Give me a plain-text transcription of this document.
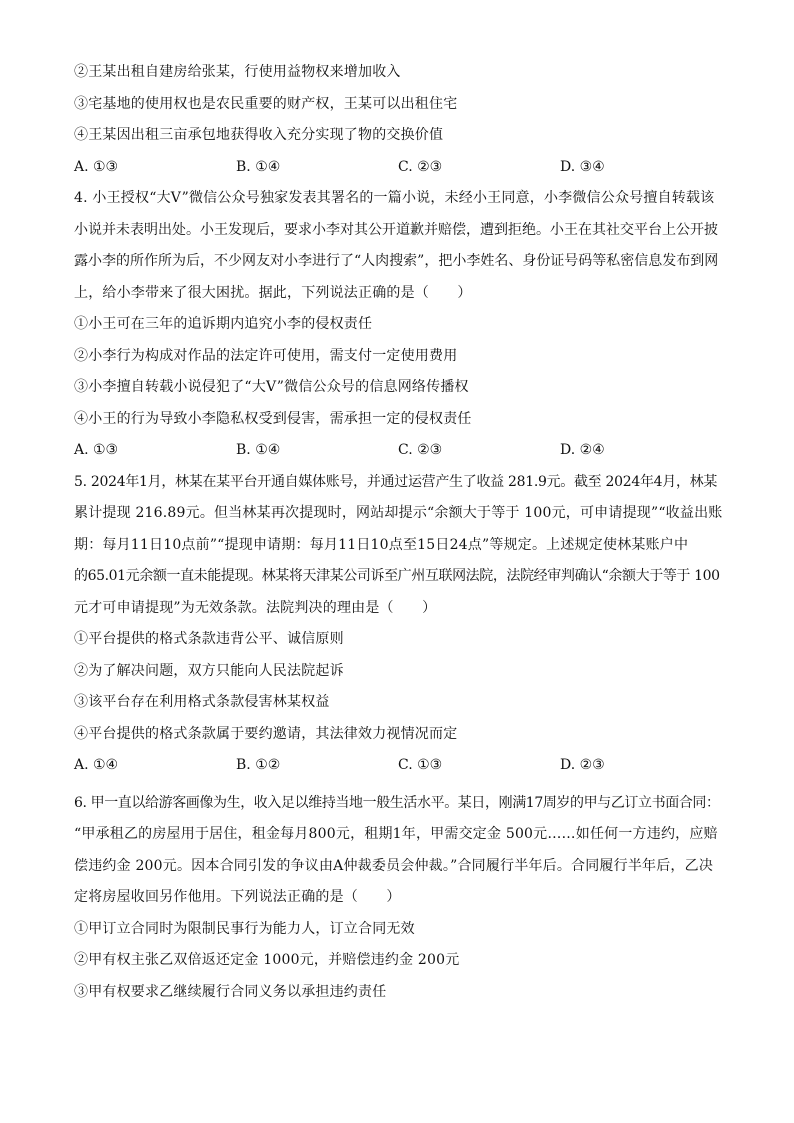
②王某出租自建房给张某，行使用益物权来增加收入
③宅基地的使用权也是农民重要的财产权，王某可以出租住宅
④王某因出租三亩承包地获得收入充分实现了物的交换价值
A. ①③	B. ①④	C. ②③	D. ③④
4. 小王授权“大V”微信公众号独家发表其署名的一篇小说，未经小王同意，小李微信公众号擅自转载该
小说并未表明出处。小王发现后，要求小李对其公开道歉并赔偿，遭到拒绝。小王在其社交平台上公开披
露小李的所作所为后，不少网友对小李进行了“人肉搜索”，把小李姓名、身份证号码等私密信息发布到网
上，给小李带来了很大困扰。据此，下列说法正确的是（　　）
①小王可在三年的追诉期内追究小李的侵权责任
②小李行为构成对作品的法定许可使用，需支付一定使用费用
③小李擅自转载小说侵犯了“大V”微信公众号的信息网络传播权
④小王的行为导致小李隐私权受到侵害，需承担一定的侵权责任
A. ①③	B. ①④	C. ②③	D. ②④
5. 2024年1月，林某在某平台开通自媒体账号，并通过运营产生了收益 281.9元。截至 2024年4月，林某
累计提现 216.89元。但当林某再次提现时，网站却提示“余额大于等于 100元，可申请提现”“收益出账
期：每月11日10点前”“提现申请期：每月11日10点至15日24点”等规定。上述规定使林某账户中
的65.01元余额一直未能提现。林某将天津某公司诉至广州互联网法院，法院经审判确认“余额大于等于 100
元才可申请提现”为无效条款。法院判决的理由是（　　）
①平台提供的格式条款违背公平、诚信原则
②为了解决问题，双方只能向人民法院起诉
③该平台存在利用格式条款侵害林某权益
④平台提供的格式条款属于要约邀请，其法律效力视情况而定
A. ①④	B. ①②	C. ①③	D. ②③
6. 甲一直以给游客画像为生，收入足以维持当地一般生活水平。某日，刚满17周岁的甲与乙订立书面合同：
“甲承租乙的房屋用于居住，租金每月800元，租期1年，甲需交定金 500元……如任何一方违约，应赔
偿违约金 200元。因本合同引发的争议由A仲裁委员会仲裁。”合同履行半年后。合同履行半年后，乙决
定将房屋收回另作他用。下列说法正确的是（　　）
①甲订立合同时为限制民事行为能力人，订立合同无效
②甲有权主张乙双倍返还定金 1000元，并赔偿违约金 200元
③甲有权要求乙继续履行合同义务以承担违约责任
